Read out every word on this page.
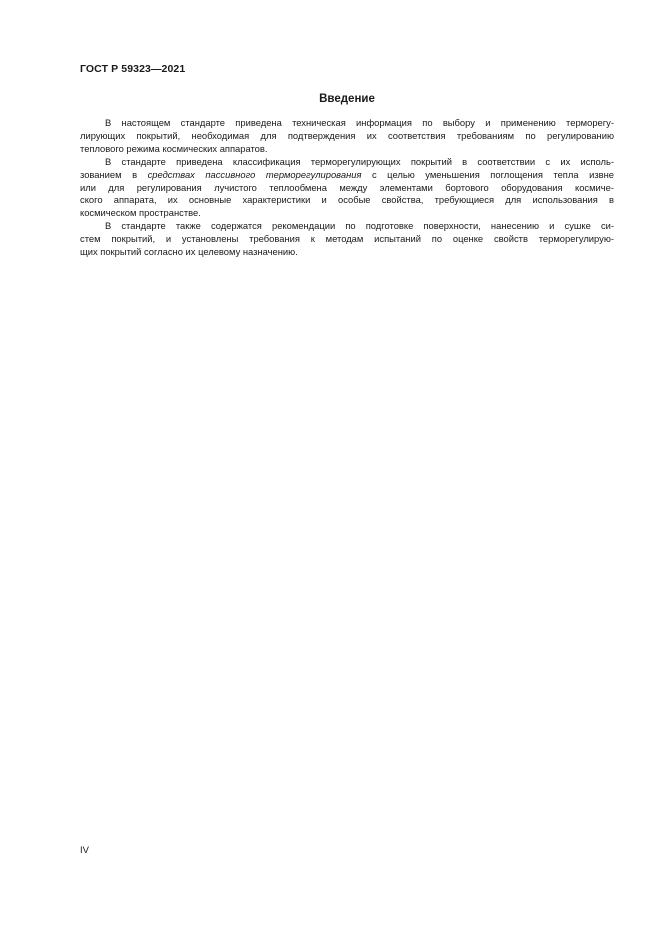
ГОСТ Р 59323—2021
Введение
В настоящем стандарте приведена техническая информация по выбору и применению терморегу-
лирующих покрытий, необходимая для подтверждения их соответствия требованиям по регулированию
теплового режима космических аппаратов.
В стандарте приведена классификация терморегулирующих покрытий в соответствии с их исполь-
зованием в средствах пассивного терморегулирования с целью уменьшения поглощения тепла извне
или для регулирования лучистого теплообмена между элементами бортового оборудования космиче-
ского аппарата, их основные характеристики и особые свойства, требующиеся для использования в
космическом пространстве.
В стандарте также содержатся рекомендации по подготовке поверхности, нанесению и сушке си-
стем покрытий, и установлены требования к методам испытаний по оценке свойств терморегулирую-
щих покрытий согласно их целевому назначению.
IV
